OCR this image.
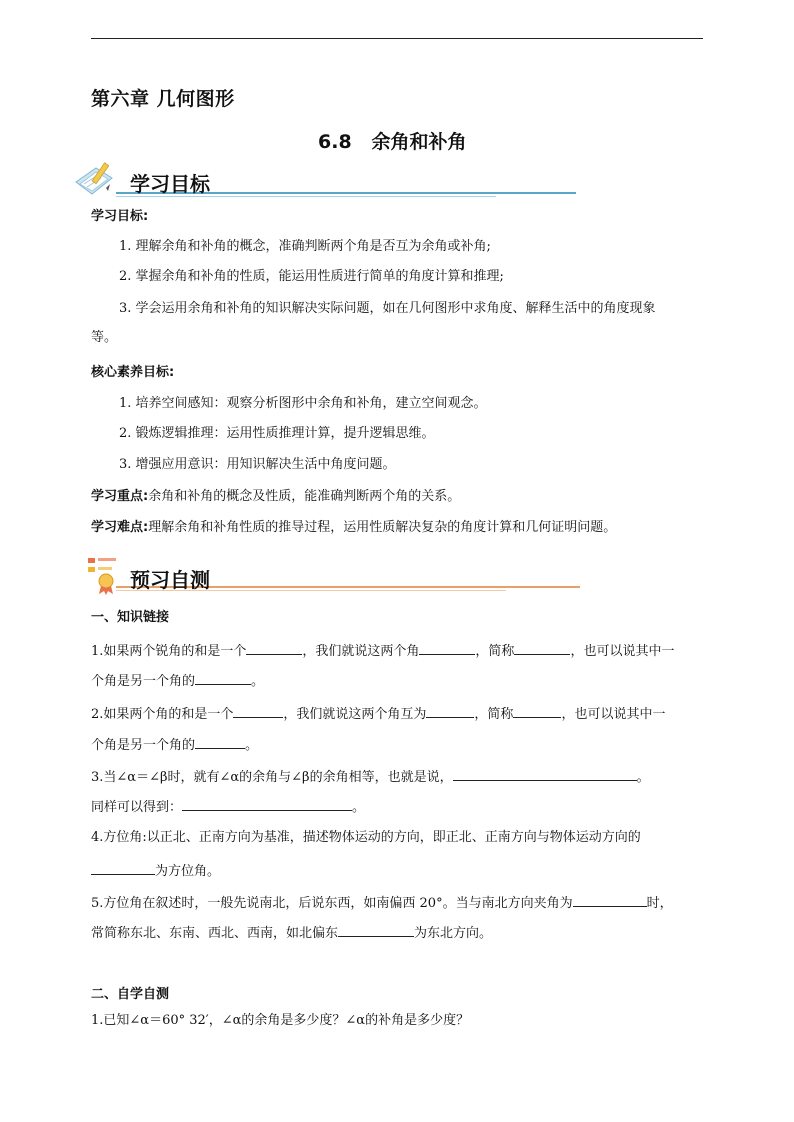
第六章 几何图形
6.8   余角和补角
学习目标
学习目标:
1. 理解余角和补角的概念，准确判断两个角是否互为余角或补角;
2. 掌握余角和补角的性质，能运用性质进行简单的角度计算和推理;
3. 学会运用余角和补角的知识解决实际问题，如在几何图形中求角度、解释生活中的角度现象
等。
核心素养目标:
1. 培养空间感知：观察分析图形中余角和补角，建立空间观念。
2. 锻炼逻辑推理：运用性质推理计算，提升逻辑思维。
3. 增强应用意识：用知识解决生活中角度问题。
学习重点:余角和补角的概念及性质，能准确判断两个角的关系。
学习难点:理解余角和补角性质的推导过程，运用性质解决复杂的角度计算和几何证明问题。
预习自测
一、知识链接
1.如果两个锐角的和是一个	，我们就说这两个角	，简称	，也可以说其中一
个角是另一个角的	。
2.如果两个角的和是一个	，我们就说这两个角互为	，简称	，也可以说其中一
个角是另一个角的	。
3.当∠α＝∠β时，就有∠α的余角与∠β的余角相等，也就是说，	。
同样可以得到：	。
4.方位角:以正北、正南方向为基准，描述物体运动的方向，即正北、正南方向与物体运动方向的
为方位角。
5.方位角在叙述时，一般先说南北，后说东西，如南偏西 20°。当与南北方向夹角为	时，
常简称东北、东南、西北、西南，如北偏东	为东北方向。
二、自学自测
1.已知∠α＝60° 32′，∠α的余角是多少度？∠α的补角是多少度？
